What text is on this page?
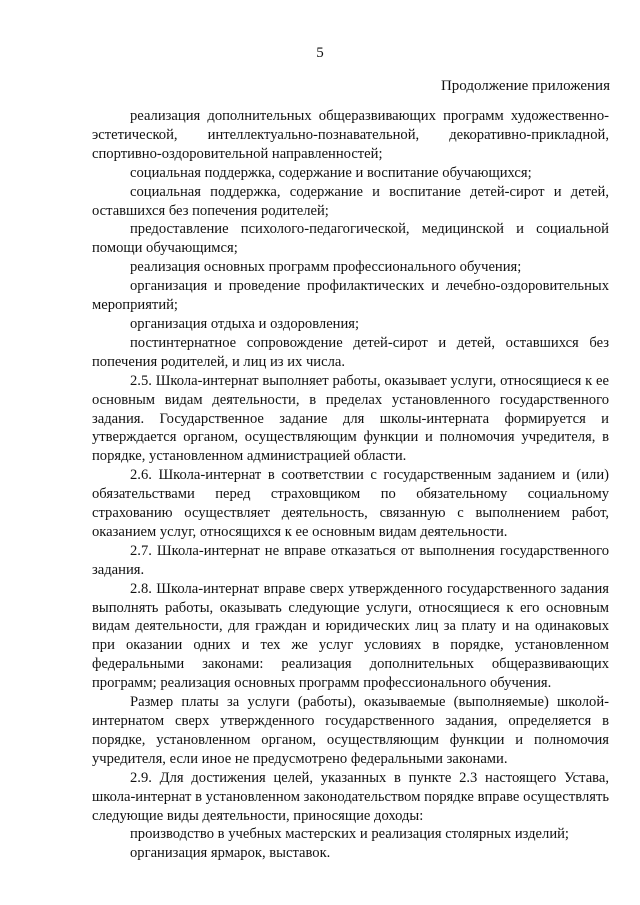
5
Продолжение приложения

реализация дополнительных общеразвивающих программ художественно-эстетической, интеллектуально-познавательной, декоративно-прикладной, спортивно-оздоровительной направленностей;

социальная поддержка, содержание и воспитание обучающихся;

социальная поддержка, содержание и воспитание детей-сирот и детей, оставшихся без попечения родителей;

предоставление психолого-педагогической, медицинской и социальной помощи обучающимся;

реализация основных программ профессионального обучения;

организация и проведение профилактических и лечебно-оздоровительных мероприятий;

организация отдыха и оздоровления;

постинтернатное сопровождение детей-сирот и детей, оставшихся без попечения родителей, и лиц из их числа.

2.5. Школа-интернат выполняет работы, оказывает услуги, относящиеся к ее основным видам деятельности, в пределах установленного государственного задания. Государственное задание для школы-интерната формируется и утверждается органом, осуществляющим функции и полномочия учредителя, в порядке, установленном администрацией области.

2.6. Школа-интернат в соответствии с государственным заданием и (или) обязательствами перед страховщиком по обязательному социальному страхованию осуществляет деятельность, связанную с выполнением работ, оказанием услуг, относящихся к ее основным видам деятельности.

2.7. Школа-интернат не вправе отказаться от выполнения государственного задания.

2.8. Школа-интернат вправе сверх утвержденного государственного задания выполнять работы, оказывать следующие услуги, относящиеся к его основным видам деятельности, для граждан и юридических лиц за плату и на одинаковых при оказании одних и тех же услуг условиях в порядке, установленном федеральными законами: реализация дополнительных общеразвивающих программ; реализация основных программ профессионального обучения.

Размер платы за услуги (работы), оказываемые (выполняемые) школой-интернатом сверх утвержденного государственного задания, определяется в порядке, установленном органом, осуществляющим функции и полномочия учредителя, если иное не предусмотрено федеральными законами.

2.9. Для достижения целей, указанных в пункте 2.3 настоящего Устава, школа-интернат в установленном законодательством порядке вправе осуществлять следующие виды деятельности, приносящие доходы:

производство в учебных мастерских и реализация столярных изделий;

организация ярмарок, выставок.
